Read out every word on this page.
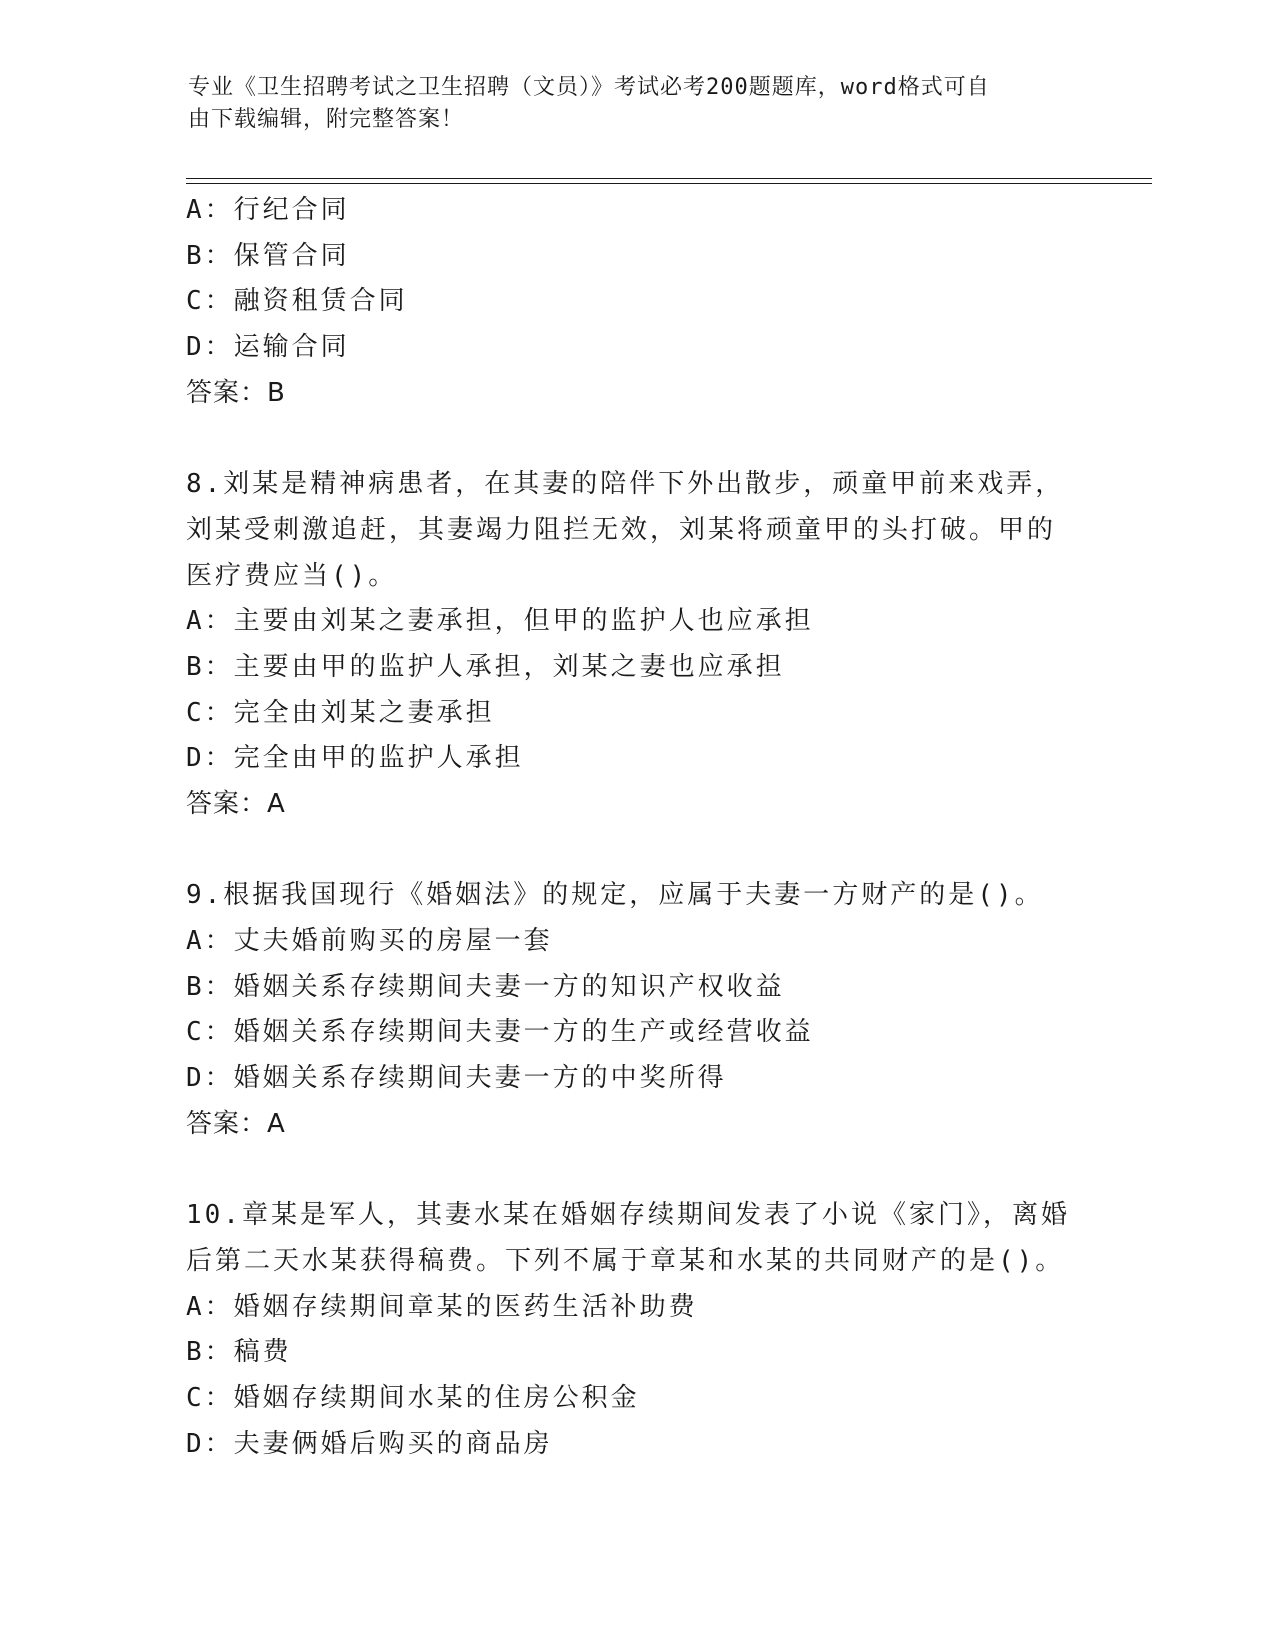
专业《卫生招聘考试之卫生招聘（文员）》考试必考200题题库，word格式可自
由下载编辑，附完整答案！
A：行纪合同
B：保管合同
C：融资租赁合同
D：运输合同
答案：B
8.刘某是精神病患者，在其妻的陪伴下外出散步，顽童甲前来戏弄，
刘某受刺激追赶，其妻竭力阻拦无效，刘某将顽童甲的头打破。甲的
医疗费应当()。
A：主要由刘某之妻承担，但甲的监护人也应承担
B：主要由甲的监护人承担，刘某之妻也应承担
C：完全由刘某之妻承担
D：完全由甲的监护人承担
答案：A
9.根据我国现行《婚姻法》的规定，应属于夫妻一方财产的是()。
A：丈夫婚前购买的房屋一套
B：婚姻关系存续期间夫妻一方的知识产权收益
C：婚姻关系存续期间夫妻一方的生产或经营收益
D：婚姻关系存续期间夫妻一方的中奖所得
答案：A
10.章某是军人，其妻水某在婚姻存续期间发表了小说《家门》，离婚
后第二天水某获得稿费。下列不属于章某和水某的共同财产的是()。
A：婚姻存续期间章某的医药生活补助费
B：稿费
C：婚姻存续期间水某的住房公积金
D：夫妻俩婚后购买的商品房
